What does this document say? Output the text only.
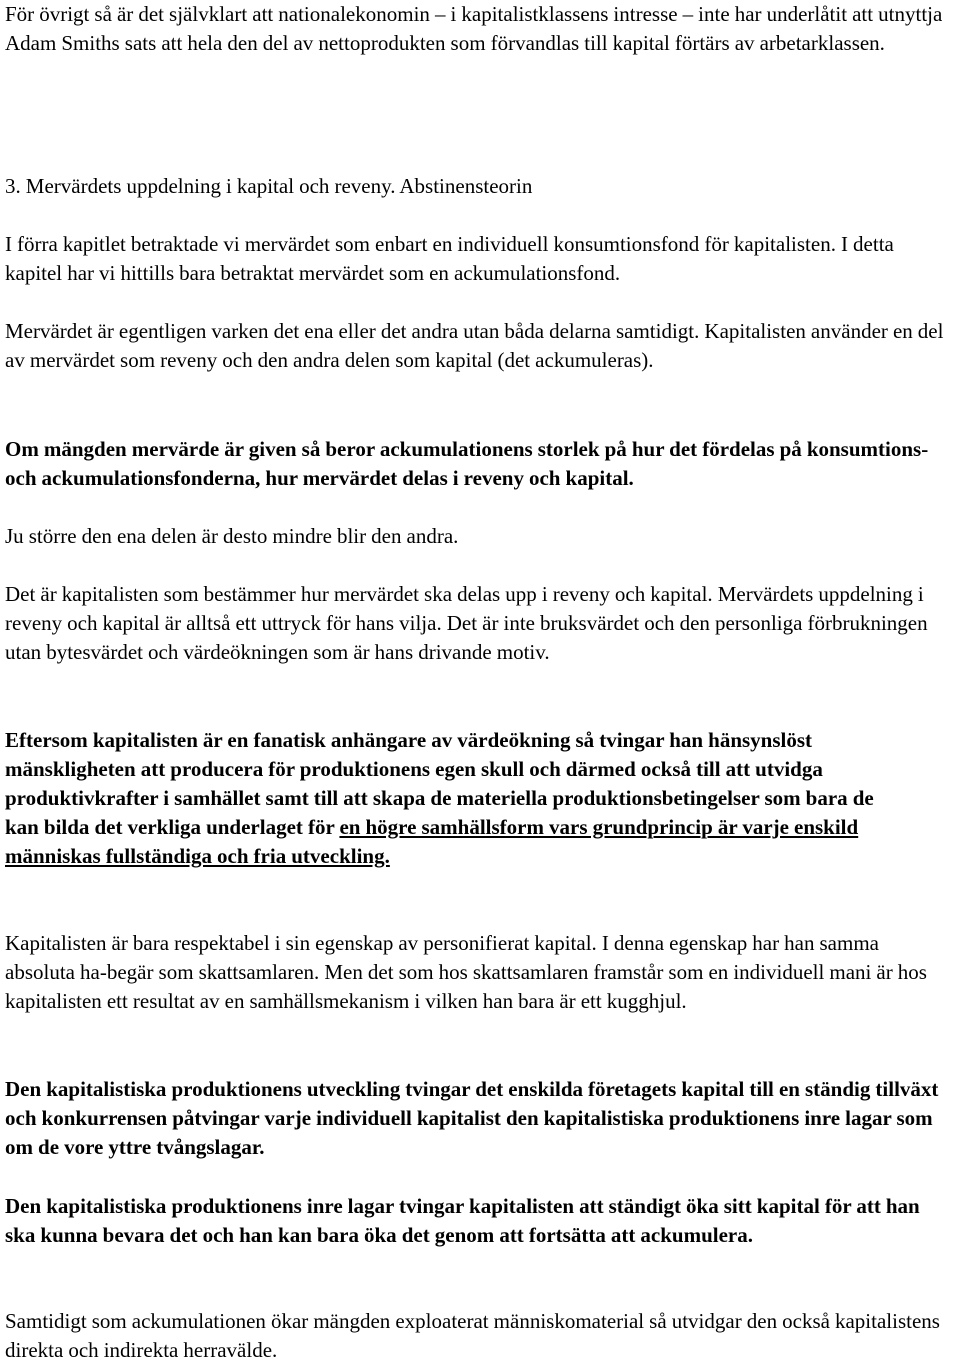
För övrigt så är det självklart att nationalekonomin – i kapitalistklassens intresse – inte har underlåtit att utnyttja Adam Smiths sats att hela den del av nettoprodukten som förvandlas till kapital förtärs av arbetarklassen.

3. Mervärdets uppdelning i kapital och reveny. Abstinensteorin

I förra kapitlet betraktade vi mervärdet som enbart en individuell konsumtionsfond för kapitalisten. I detta kapitel har vi hittills bara betraktat mervärdet som en ackumulationsfond.

Mervärdet är egentligen varken det ena eller det andra utan båda delarna samtidigt. Kapitalisten använder en del av mervärdet som reveny och den andra delen som kapital (det ackumuleras).

Om mängden mervärde är given så beror ackumulationens storlek på hur det fördelas på konsumtions- och ackumulationsfonderna, hur mervärdet delas i reveny och kapital.

Ju större den ena delen är desto mindre blir den andra.

Det är kapitalisten som bestämmer hur mervärdet ska delas upp i reveny och kapital. Mervärdets uppdelning i reveny och kapital är alltså ett uttryck för hans vilja. Det är inte bruksvärdet och den personliga förbrukningen utan bytesvärdet och värdeökningen som är hans drivande motiv.

Eftersom kapitalisten är en fanatisk anhängare av värdeökning så tvingar han hänsynslöst mänskligheten att producera för produktionens egen skull och därmed också till att utvidga produktivkrafter i samhället samt till att skapa de materiella produktionsbetingelser som bara de kan bilda det verkliga underlaget för en högre samhällsform vars grundprincip är varje enskild människas fullständiga och fria utveckling.

Kapitalisten är bara respektabel i sin egenskap av personifierat kapital. I denna egenskap har han samma absoluta ha-begär som skattsamlaren. Men det som hos skattsamlaren framstår som en individuell mani är hos kapitalisten ett resultat av en samhällsmekanism i vilken han bara är ett kugghjul.

Den kapitalistiska produktionens utveckling tvingar det enskilda företagets kapital till en ständig tillväxt och konkurrensen påtvingar varje individuell kapitalist den kapitalistiska produktionens inre lagar som om de vore yttre tvångslagar.

Den kapitalistiska produktionens inre lagar tvingar kapitalisten att ständigt öka sitt kapital för att han ska kunna bevara det och han kan bara öka det genom att fortsätta att ackumulera.

Samtidigt som ackumulationen ökar mängden exploaterat människomaterial så utvidgar den också kapitalistens direkta och indirekta herravälde.
